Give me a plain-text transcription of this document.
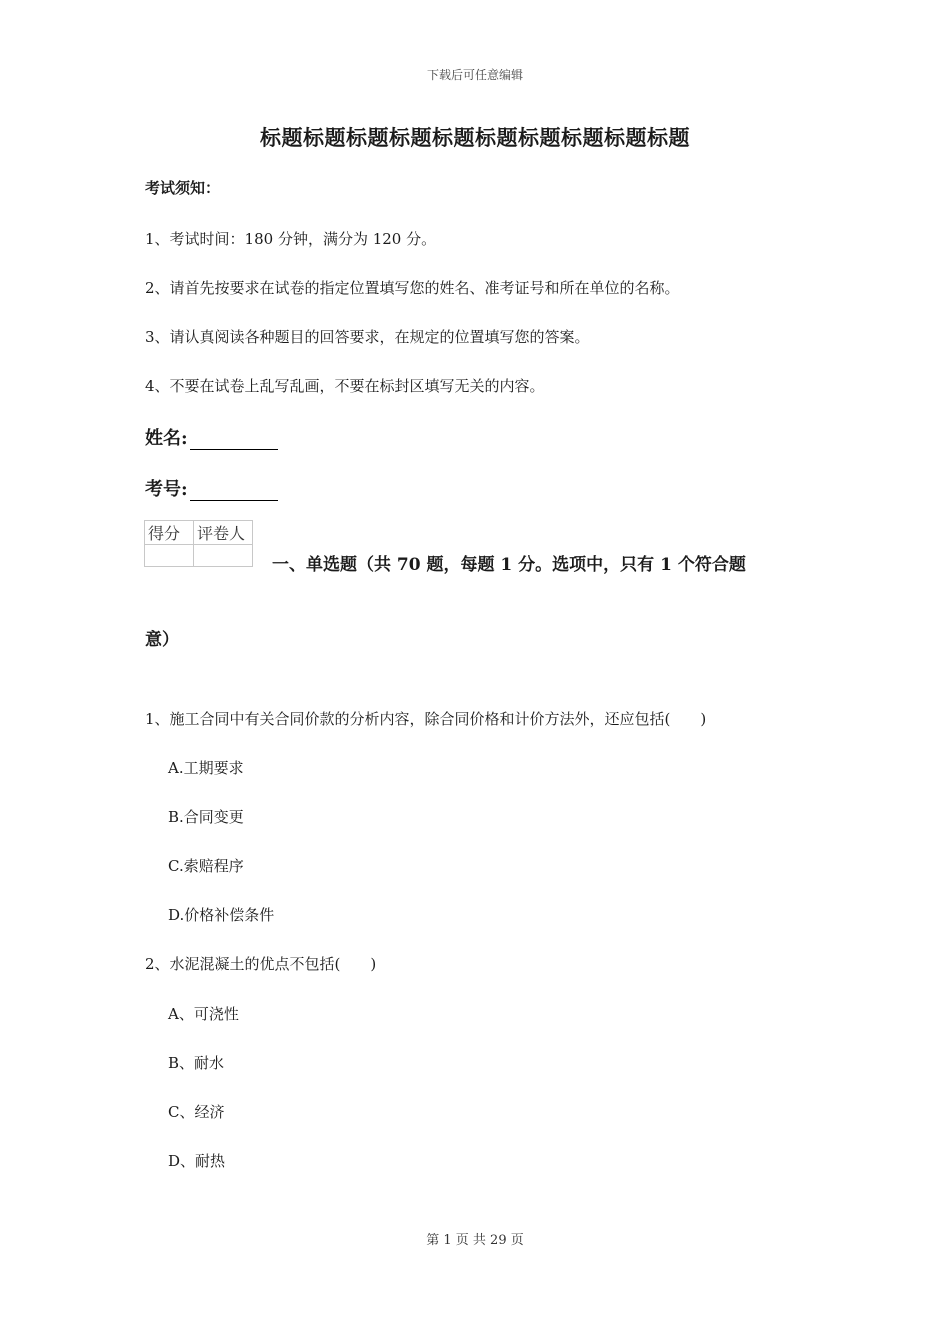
下载后可任意编辑
标题标题标题标题标题标题标题标题标题标题
考试须知：
1、考试时间：180 分钟，满分为 120 分。
2、请首先按要求在试卷的指定位置填写您的姓名、准考证号和所在单位的名称。
3、请认真阅读各种题目的回答要求，在规定的位置填写您的答案。
4、不要在试卷上乱写乱画，不要在标封区填写无关的内容。
姓名:
考号:
得分	评卷人

一、单选题（共 70 题，每题 1 分。选项中，只有 1 个符合题
意）
1、施工合同中有关合同价款的分析内容，除合同价格和计价方法外，还应包括(　　)
A.工期要求
B.合同变更
C.索赔程序
D.价格补偿条件
2、水泥混凝土的优点不包括(　　)
A、可浇性
B、耐水
C、经济
D、耐热
第 1 页 共 29 页
